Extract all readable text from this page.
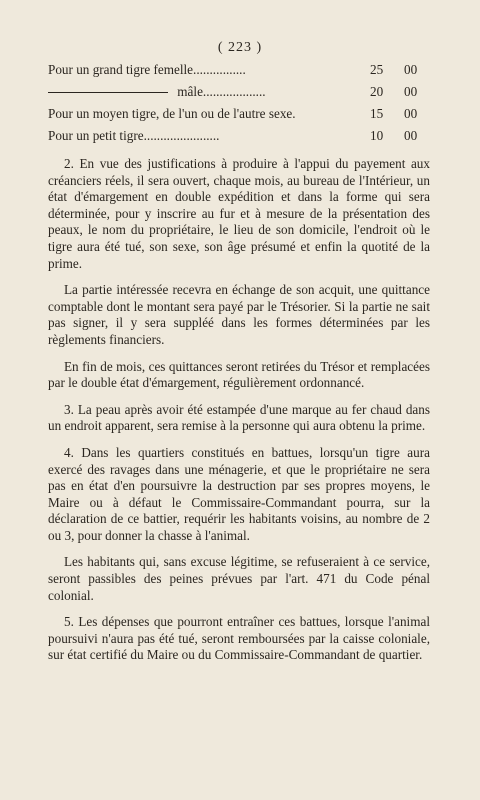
( 223 )
Pour un grand tigre femelle................	25	00
mâle...................	20	00
Pour un moyen tigre, de l'un ou de l'autre sexe.	15	00
Pour un petit tigre.......................	10	00

2. En vue des justifications à produire à l'appui du payement aux créanciers réels, il sera ouvert, chaque mois, au bureau de l'Intérieur, un état d'émargement en double expédition et dans la forme qui sera déterminée, pour y inscrire au fur et à mesure de la présentation des peaux, le nom du propriétaire, le lieu de son domicile, l'endroit où le tigre aura été tué, son sexe, son âge présumé et enfin la quotité de la prime.

La partie intéressée recevra en échange de son acquit, une quittance comptable dont le montant sera payé par le Trésorier. Si la partie ne sait pas signer, il y sera suppléé dans les formes déterminées par les règlements financiers.

En fin de mois, ces quittances seront retirées du Trésor et remplacées par le double état d'émargement, régulièrement ordonnancé.

3. La peau après avoir été estampée d'une marque au fer chaud dans un endroit apparent, sera remise à la personne qui aura obtenu la prime.

4. Dans les quartiers constitués en battues, lorsqu'un tigre aura exercé des ravages dans une ménagerie, et que le propriétaire ne sera pas en état d'en poursuivre la destruction par ses propres moyens, le Maire ou à défaut le Commissaire-Commandant pourra, sur la déclaration de ce battier, requérir les habitants voisins, au nombre de 2 ou 3, pour donner la chasse à l'animal.

Les habitants qui, sans excuse légitime, se refuseraient à ce service, seront passibles des peines prévues par l'art. 471 du Code pénal colonial.

5. Les dépenses que pourront entraîner ces battues, lorsque l'animal poursuivi n'aura pas été tué, seront remboursées par la caisse coloniale, sur état certifié du Maire ou du Commissaire-Commandant de quartier.
